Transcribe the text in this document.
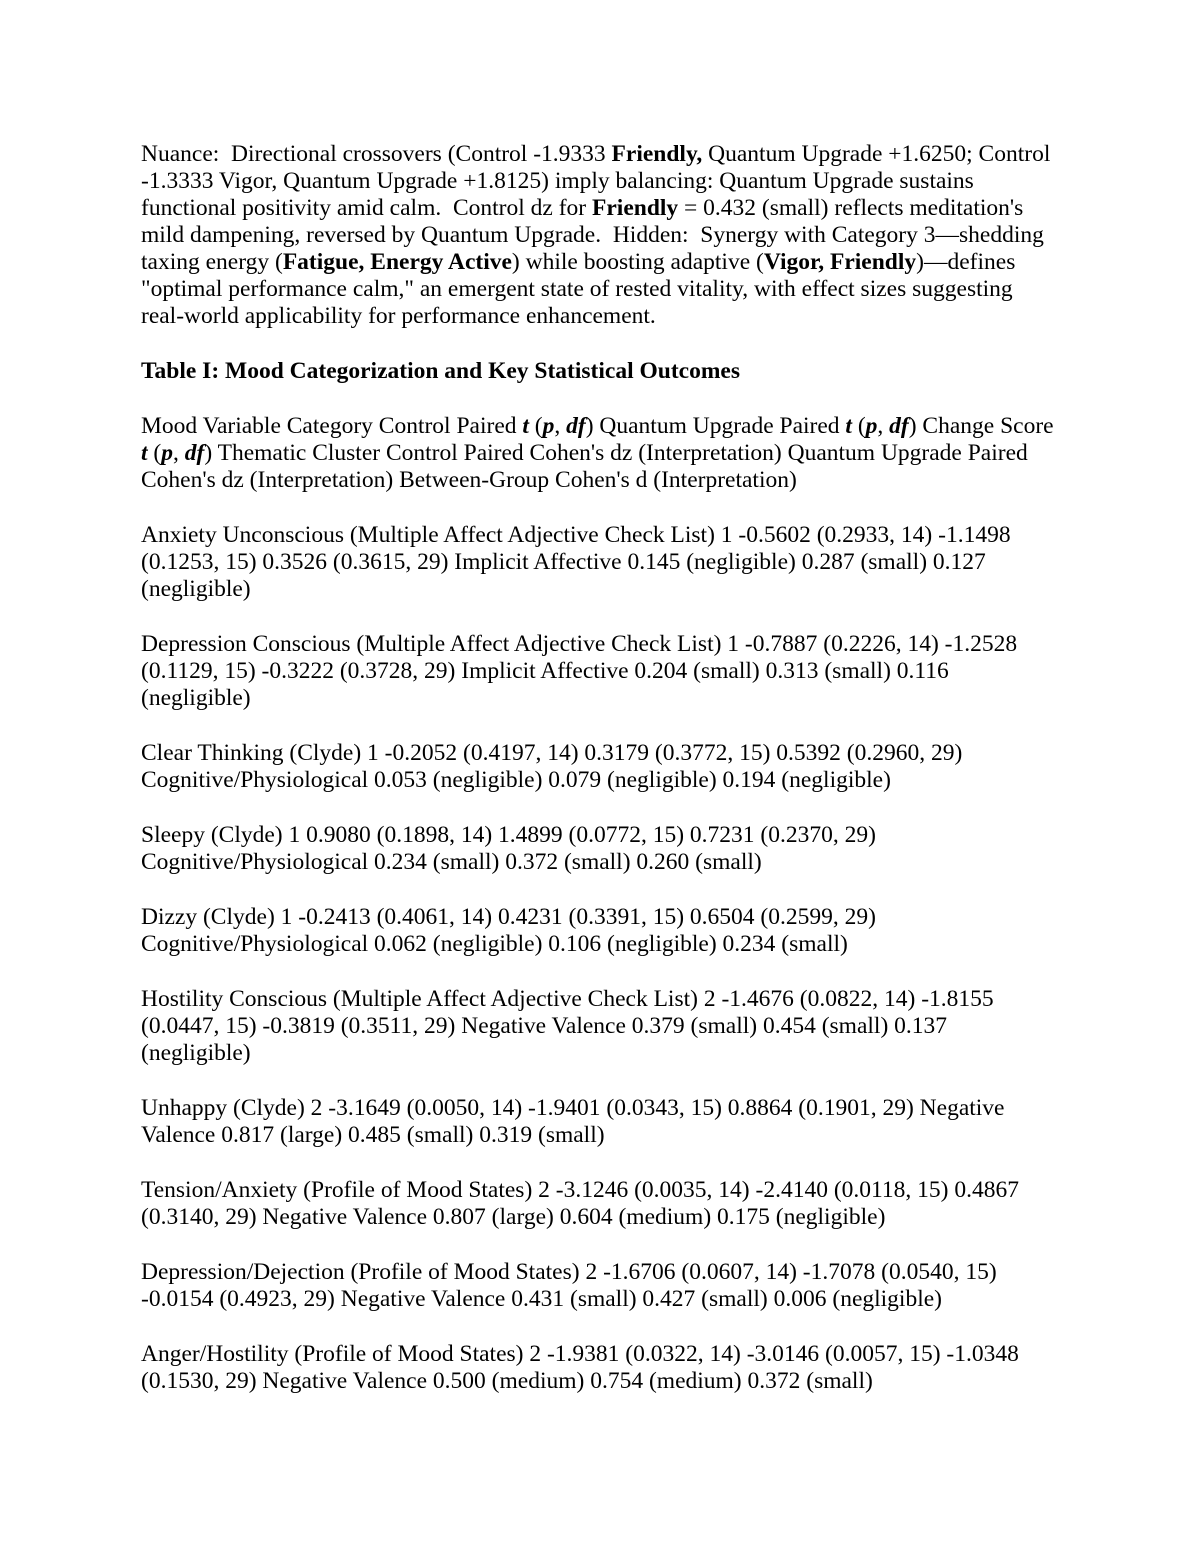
Nuance:  Directional crossovers (Control -1.9333 Friendly, Quantum Upgrade +1.6250; Control -1.3333 Vigor, Quantum Upgrade +1.8125) imply balancing: Quantum Upgrade sustains functional positivity amid calm.  Control dz for Friendly = 0.432 (small) reflects meditation's mild dampening, reversed by Quantum Upgrade.  Hidden:  Synergy with Category 3—shedding taxing energy (Fatigue, Energy Active) while boosting adaptive (Vigor, Friendly)—defines "optimal performance calm," an emergent state of rested vitality, with effect sizes suggesting real-world applicability for performance enhancement.

Table I: Mood Categorization and Key Statistical Outcomes

Mood Variable Category Control Paired t (p, df) Quantum Upgrade Paired t (p, df) Change Score t (p, df) Thematic Cluster Control Paired Cohen's dz (Interpretation) Quantum Upgrade Paired Cohen's dz (Interpretation) Between-Group Cohen's d (Interpretation)

Anxiety Unconscious (Multiple Affect Adjective Check List) 1 -0.5602 (0.2933, 14) -1.1498 (0.1253, 15) 0.3526 (0.3615, 29) Implicit Affective 0.145 (negligible) 0.287 (small) 0.127 (negligible)

Depression Conscious (Multiple Affect Adjective Check List) 1 -0.7887 (0.2226, 14) -1.2528 (0.1129, 15) -0.3222 (0.3728, 29) Implicit Affective 0.204 (small) 0.313 (small) 0.116 (negligible)

Clear Thinking (Clyde) 1 -0.2052 (0.4197, 14) 0.3179 (0.3772, 15) 0.5392 (0.2960, 29) Cognitive/Physiological 0.053 (negligible) 0.079 (negligible) 0.194 (negligible)

Sleepy (Clyde) 1 0.9080 (0.1898, 14) 1.4899 (0.0772, 15) 0.7231 (0.2370, 29) Cognitive/Physiological 0.234 (small) 0.372 (small) 0.260 (small)

Dizzy (Clyde) 1 -0.2413 (0.4061, 14) 0.4231 (0.3391, 15) 0.6504 (0.2599, 29) Cognitive/Physiological 0.062 (negligible) 0.106 (negligible) 0.234 (small)

Hostility Conscious (Multiple Affect Adjective Check List) 2 -1.4676 (0.0822, 14) -1.8155 (0.0447, 15) -0.3819 (0.3511, 29) Negative Valence 0.379 (small) 0.454 (small) 0.137 (negligible)

Unhappy (Clyde) 2 -3.1649 (0.0050, 14) -1.9401 (0.0343, 15) 0.8864 (0.1901, 29) Negative Valence 0.817 (large) 0.485 (small) 0.319 (small)

Tension/Anxiety (Profile of Mood States) 2 -3.1246 (0.0035, 14) -2.4140 (0.0118, 15) 0.4867 (0.3140, 29) Negative Valence 0.807 (large) 0.604 (medium) 0.175 (negligible)

Depression/Dejection (Profile of Mood States) 2 -1.6706 (0.0607, 14) -1.7078 (0.0540, 15) -0.0154 (0.4923, 29) Negative Valence 0.431 (small) 0.427 (small) 0.006 (negligible)

Anger/Hostility (Profile of Mood States) 2 -1.9381 (0.0322, 14) -3.0146 (0.0057, 15) -1.0348 (0.1530, 29) Negative Valence 0.500 (medium) 0.754 (medium) 0.372 (small)
